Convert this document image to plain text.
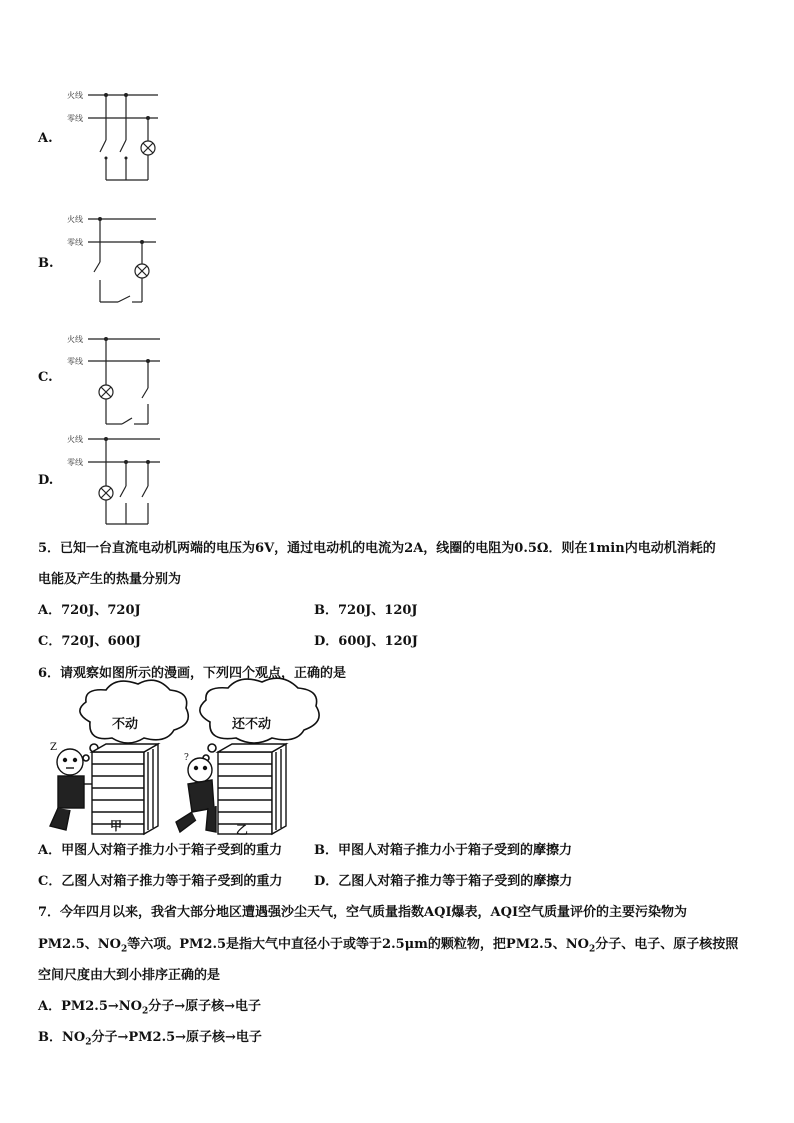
A.
火线
零线
B.
火线
零线
C.
火线
零线
D.
火线
零线
5．已知一台直流电动机两端的电压为6V，通过电动机的电流为2A，线圈的电阻为0.5Ω．则在1min内电动机消耗的
电能及产生的热量分别为
A．720J、720J	B．720J、120J
C．720J、600J	D．600J、120J
6．请观察如图所示的漫画，下列四个观点，正确的是
不动	还不动
Z
?
甲	乙
A．甲图人对箱子推力小于箱子受到的重力 B．甲图人对箱子推力小于箱子受到的摩擦力
C．乙图人对箱子推力等于箱子受到的重力 D．乙图人对箱子推力等于箱子受到的摩擦力
7．今年四月以来，我省大部分地区遭遇强沙尘天气，空气质量指数AQI爆表，AQI空气质量评价的主要污染物为
PM2.5、$NO_2$等六项。PM2.5是指大气中直径小于或等于2.5μm的颗粒物，把PM2.5、$NO_2$分子、电子、原子核按照
空间尺度由大到小排序正确的是
A．$PM2.5\to NO_2$分子→原子核→电子
B．$NO_2$分子→PM2.5→原子核→电子
